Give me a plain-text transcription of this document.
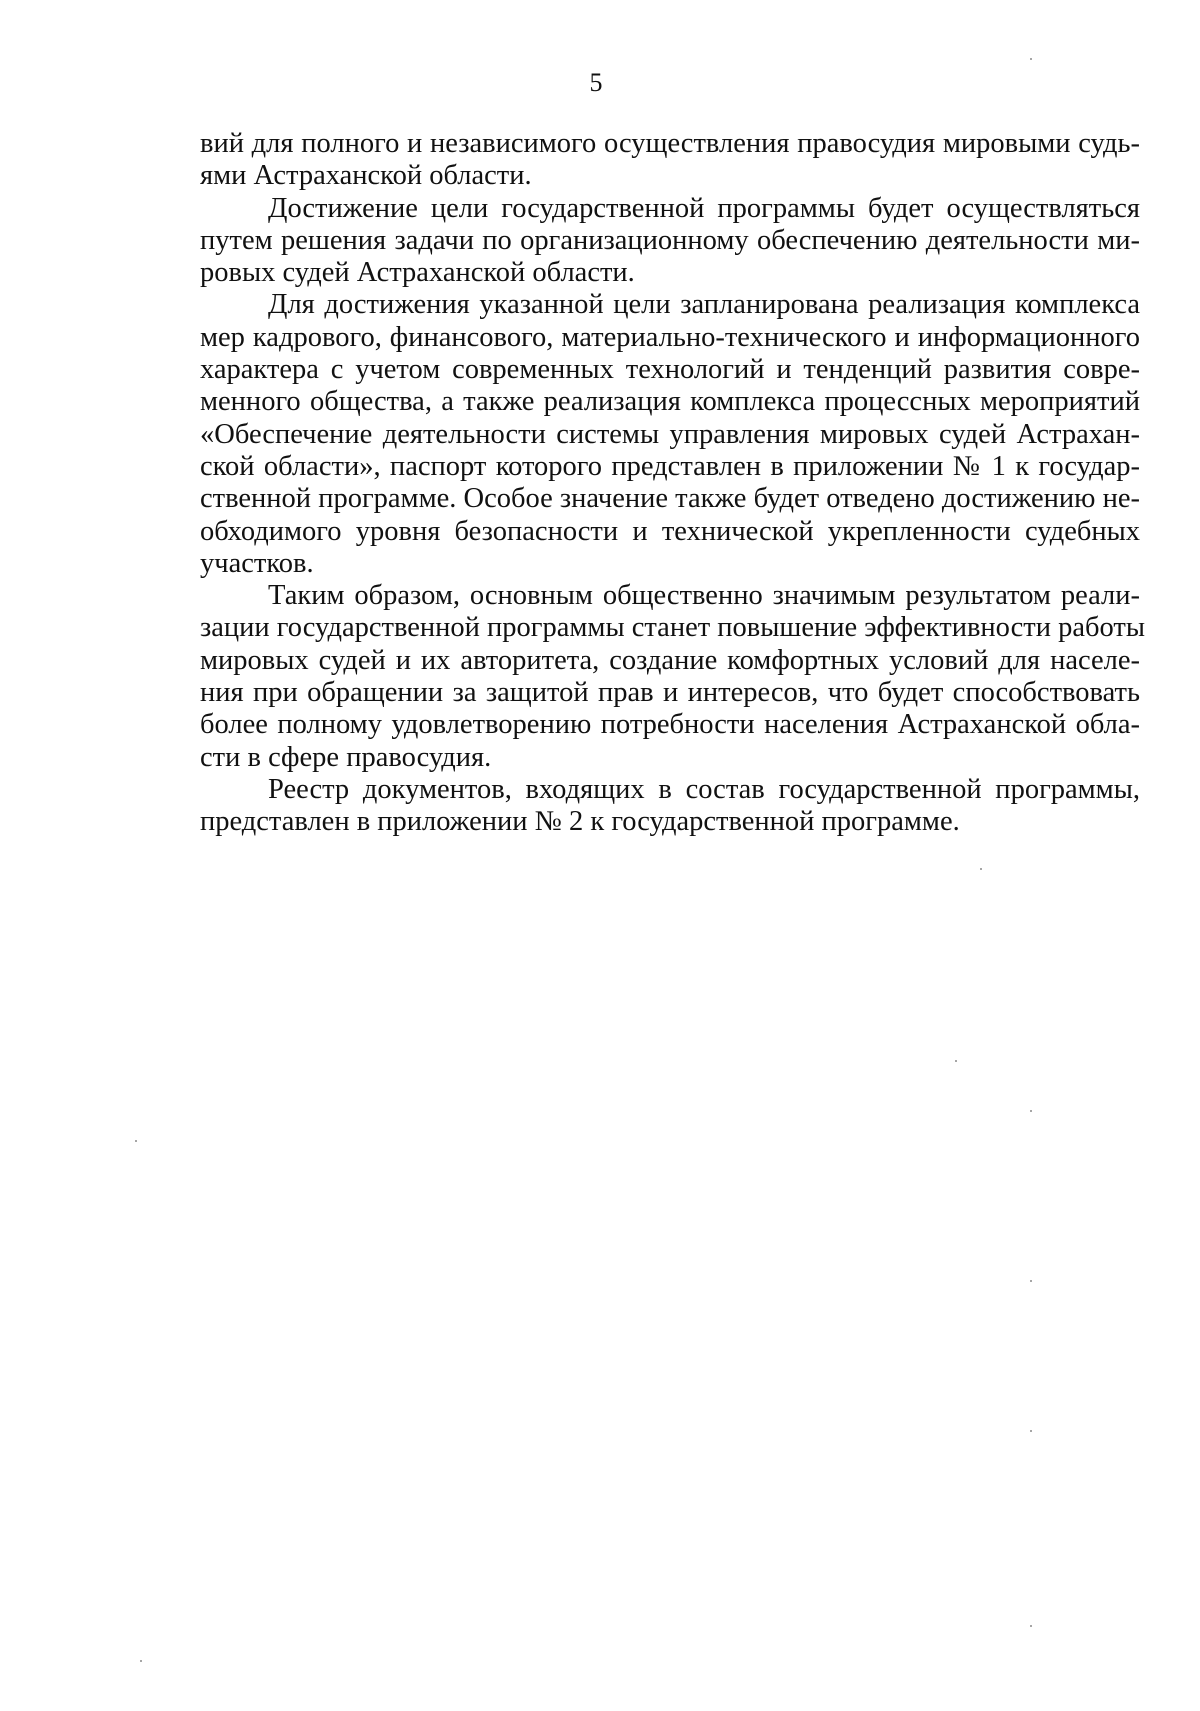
5
вий для полного и независимого осуществления правосудия мировыми судь-
ями Астраханской области.
Достижение цели государственной программы будет осуществляться
путем решения задачи по организационному обеспечению деятельности ми-
ровых судей Астраханской области.
Для достижения указанной цели запланирована реализация комплекса
мер кадрового, финансового, материально-технического и информационного
характера с учетом современных технологий и тенденций развития совре-
менного общества, а также реализация комплекса процессных мероприятий
«Обеспечение деятельности системы управления мировых судей Астрахан-
ской области», паспорт которого представлен в приложении № 1 к государ-
ственной программе. Особое значение также будет отведено достижению не-
обходимого уровня безопасности и технической укрепленности судебных
участков.
Таким образом, основным общественно значимым результатом реали-
зации государственной программы станет повышение эффективности работы
мировых судей и их авторитета, создание комфортных условий для населе-
ния при обращении за защитой прав и интересов, что будет способствовать
более полному удовлетворению потребности населения Астраханской обла-
сти в сфере правосудия.
Реестр документов, входящих в состав государственной программы,
представлен в приложении № 2 к государственной программе.
